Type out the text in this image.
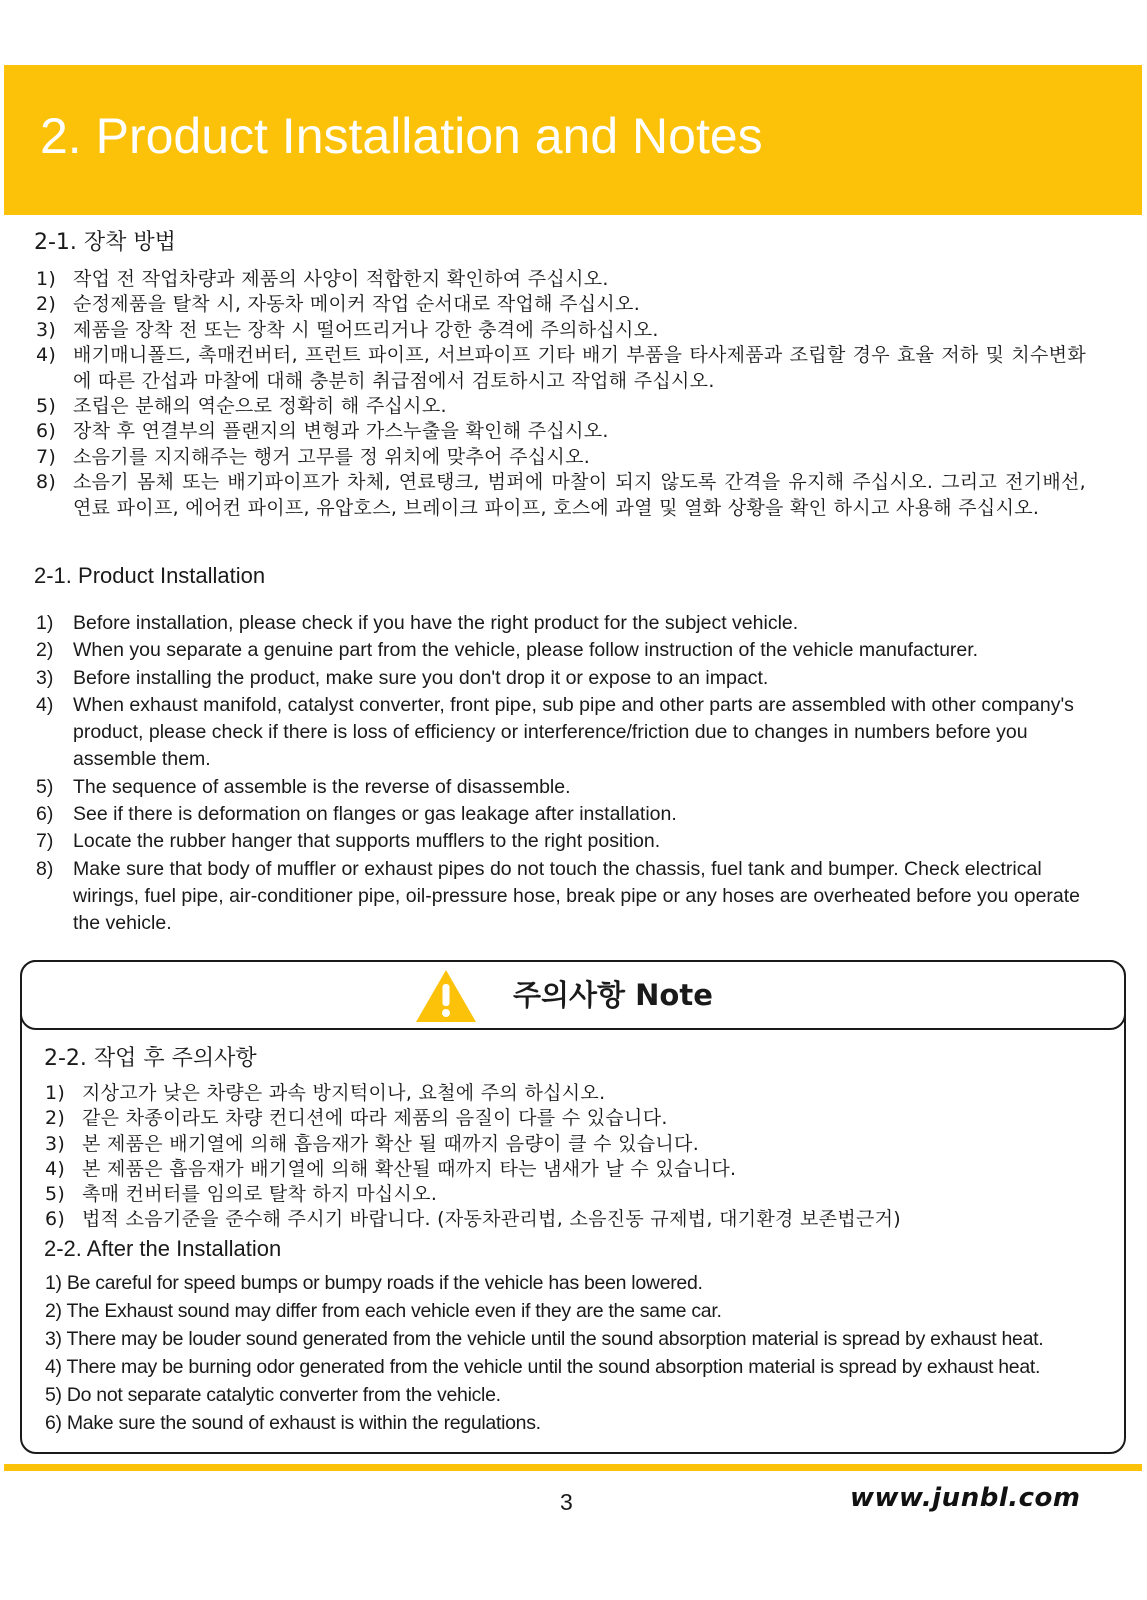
2. Product Installation and Notes
2-1. 장착 방법
1) 작업 전 작업차량과 제품의 사양이 적합한지 확인하여 주십시오.
2) 순정제품을 탈착 시, 자동차 메이커 작업 순서대로 작업해 주십시오.
3) 제품을 장착 전 또는 장착 시 떨어뜨리거나 강한 충격에 주의하십시오.
4) 배기매니폴드, 촉매컨버터, 프런트 파이프, 서브파이프 기타 배기 부품을 타사제품과 조립할 경우 효율 저하 및 치수변화에 따른 간섭과 마찰에 대해 충분히 취급점에서 검토하시고 작업해 주십시오.
5) 조립은 분해의 역순으로 정확히 해 주십시오.
6) 장착 후 연결부의 플랜지의 변형과 가스누출을 확인해 주십시오.
7) 소음기를 지지해주는 행거 고무를 정 위치에 맞추어 주십시오.
8) 소음기 몸체 또는 배기파이프가 차체, 연료탱크, 범퍼에 마찰이 되지 않도록 간격을 유지해 주십시오. 그리고 전기배선, 연료 파이프, 에어컨 파이프, 유압호스, 브레이크 파이프, 호스에 과열 및 열화 상황을 확인 하시고 사용해 주십시오.
2-1. Product Installation
1) Before installation, please check if you have the right product for the subject vehicle.
2) When you separate a genuine part from the vehicle, please follow instruction of the vehicle manufacturer.
3) Before installing the product, make sure you don't drop it or expose to an impact.
4) When exhaust manifold, catalyst converter, front pipe, sub pipe and other parts are assembled with other company's product, please check if there is loss of efficiency or interference/friction due to changes in numbers before you assemble them.
5) The sequence of assemble is the reverse of disassemble.
6) See if there is deformation on flanges or gas leakage after installation.
7) Locate the rubber hanger that supports mufflers to the right position.
8) Make sure that body of muffler or exhaust pipes do not touch the chassis, fuel tank and bumper. Check electrical wirings, fuel pipe, air-conditioner pipe, oil-pressure hose, break pipe or any hoses are overheated before you operate the vehicle.
주의사항 Note
2-2. 작업 후 주의사항
1) 지상고가 낮은 차량은 과속 방지턱이나, 요철에 주의 하십시오.
2) 같은 차종이라도 차량 컨디션에 따라 제품의 음질이 다를 수 있습니다.
3) 본 제품은 배기열에 의해 흡음재가 확산 될 때까지 음량이 클 수 있습니다.
4) 본 제품은 흡음재가 배기열에 의해 확산될 때까지 타는 냄새가 날 수 있습니다.
5) 촉매 컨버터를 임의로 탈착 하지 마십시오.
6) 법적 소음기준을 준수해 주시기 바랍니다. (자동차관리법, 소음진동 규제법, 대기환경 보존법근거)
2-2. After the Installation
1) Be careful for speed bumps or bumpy roads if the vehicle has been lowered.
2) The Exhaust sound may differ from each vehicle even if they are the same car.
3) There may be louder sound generated from the vehicle until the sound absorption material is spread by exhaust heat.
4) There may be burning odor generated from the vehicle until the sound absorption material is spread by exhaust heat.
5) Do not separate catalytic converter from the vehicle.
6) Make sure the sound of exhaust is within the regulations.

3	www.junbl.com
